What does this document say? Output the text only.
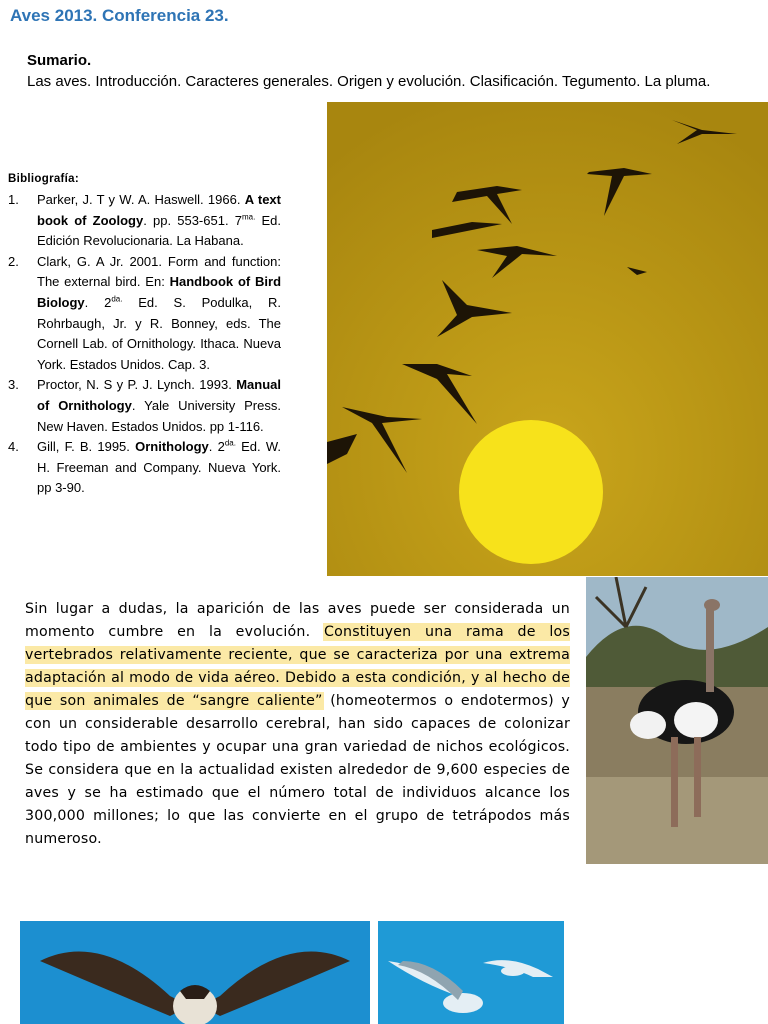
Aves 2013. Conferencia 23.
Sumario.
Las aves. Introducción. Caracteres generales. Origen y evolución. Clasificación. Tegumento. La pluma.
Bibliografía:
1.	Parker, J. T y W. A. Haswell. 1966. A text book of Zoology. pp. 553-651. $7^{ma.}$ Ed. Edición Revolucionaria. La Habana.
2.	Clark, G. A Jr. 2001. Form and function: The external bird. En: Handbook of Bird Biology. $2^{da.}$ Ed. S. Podulka, R. Rohrbaugh, Jr. y R. Bonney, eds. The Cornell Lab. of Ornithology. Ithaca. Nueva York. Estados Unidos. Cap. 3.
3.	Proctor, N. S y P. J. Lynch. 1993. Manual of Ornithology. Yale University Press. New Haven. Estados Unidos. pp 1-116.
4.	Gill, F. B. 1995. Ornithology. $2^{da.}$ Ed. W. H. Freeman and Company. Nueva York. pp 3-90.
Sin lugar a dudas, la aparición de las aves puede ser considerada un momento cumbre en la evolución. Constituyen una rama de los vertebrados relativamente reciente, que se caracteriza por una extrema adaptación al modo de vida aéreo. Debido a esta condición, y al hecho de que son animales de “sangre caliente” (homeotermos o endotermos) y con un considerable desarrollo cerebral, han sido capaces de colonizar todo tipo de ambientes y ocupar una gran variedad de nichos ecológicos. Se considera que en la actualidad existen alrededor de 9,600 especies de aves y se ha estimado que el número total de individuos alcance los 300,000 millones; lo que las convierte en el grupo de tetrápodos más numeroso.
